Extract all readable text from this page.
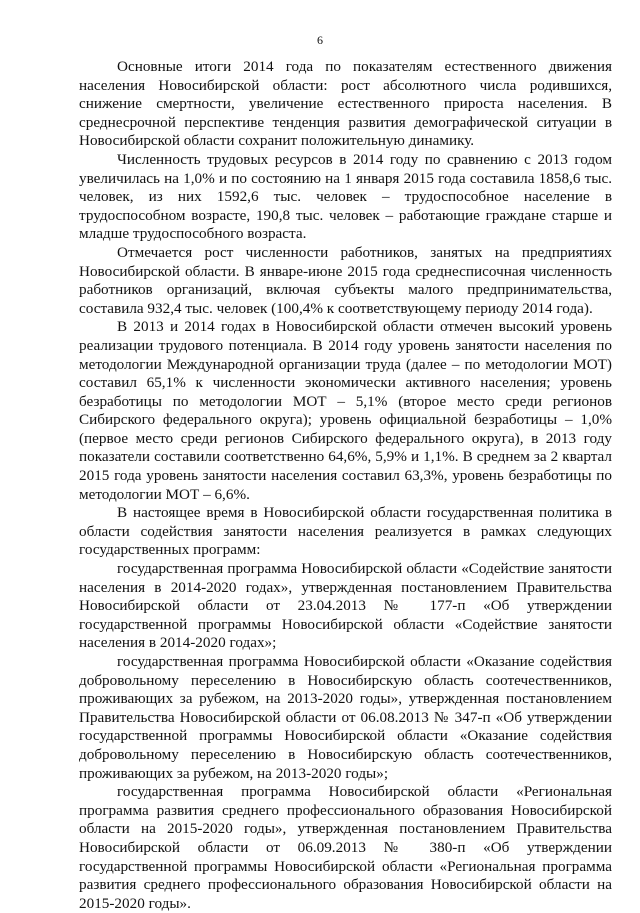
6

Основные итоги 2014 года по показателям естественного движения населения Новосибирской области: рост абсолютного числа родившихся, снижение смертности, увеличение естественного прироста населения. В среднесрочной перспективе тенденция развития демографической ситуации в Новосибирской области сохранит положительную динамику.

Численность трудовых ресурсов в 2014 году по сравнению с 2013 годом увеличилась на 1,0% и по состоянию на 1 января 2015 года составила 1858,6 тыс. человек, из них 1592,6 тыс. человек – трудоспособное население в трудоспособном возрасте, 190,8 тыс. человек – работающие граждане старше и младше трудоспособного возраста.

Отмечается рост численности работников, занятых на предприятиях Новосибирской области. В январе-июне 2015 года среднесписочная численность работников организаций, включая субъекты малого предпринимательства, составила 932,4 тыс. человек (100,4% к соответствующему периоду 2014 года).

В 2013 и 2014 годах в Новосибирской области отмечен высокий уровень реализации трудового потенциала. В 2014 году уровень занятости населения по методологии Международной организации труда (далее – по методологии МОТ) составил 65,1% к численности экономически активного населения; уровень безработицы по методологии МОТ – 5,1% (второе место среди регионов Сибирского федерального округа); уровень официальной безработицы – 1,0% (первое место среди регионов Сибирского федерального округа), в 2013 году показатели составили соответственно 64,6%, 5,9% и 1,1%. В среднем за 2 квартал 2015 года уровень занятости населения составил 63,3%, уровень безработицы по методологии МОТ – 6,6%.

В настоящее время в Новосибирской области государственная политика в области содействия занятости населения реализуется в рамках следующих государственных программ:

государственная программа Новосибирской области «Содействие занятости населения в 2014-2020 годах», утвержденная постановлением Правительства Новосибирской области от 23.04.2013 № 177-п «Об утверждении государственной программы Новосибирской области «Содействие занятости населения в 2014-2020 годах»;

государственная программа Новосибирской области «Оказание содействия добровольному переселению в Новосибирскую область соотечественников, проживающих за рубежом, на 2013-2020 годы», утвержденная постановлением Правительства Новосибирской области от 06.08.2013 № 347-п «Об утверждении государственной программы Новосибирской области «Оказание содействия добровольному переселению в Новосибирскую область соотечественников, проживающих за рубежом, на 2013-2020 годы»;

государственная программа Новосибирской области «Региональная программа развития среднего профессионального образования Новосибирской области на 2015-2020 годы», утвержденная постановлением Правительства Новосибирской области от 06.09.2013 № 380-п «Об утверждении государственной программы Новосибирской области «Региональная программа развития среднего профессионального образования Новосибирской области на 2015-2020 годы».
